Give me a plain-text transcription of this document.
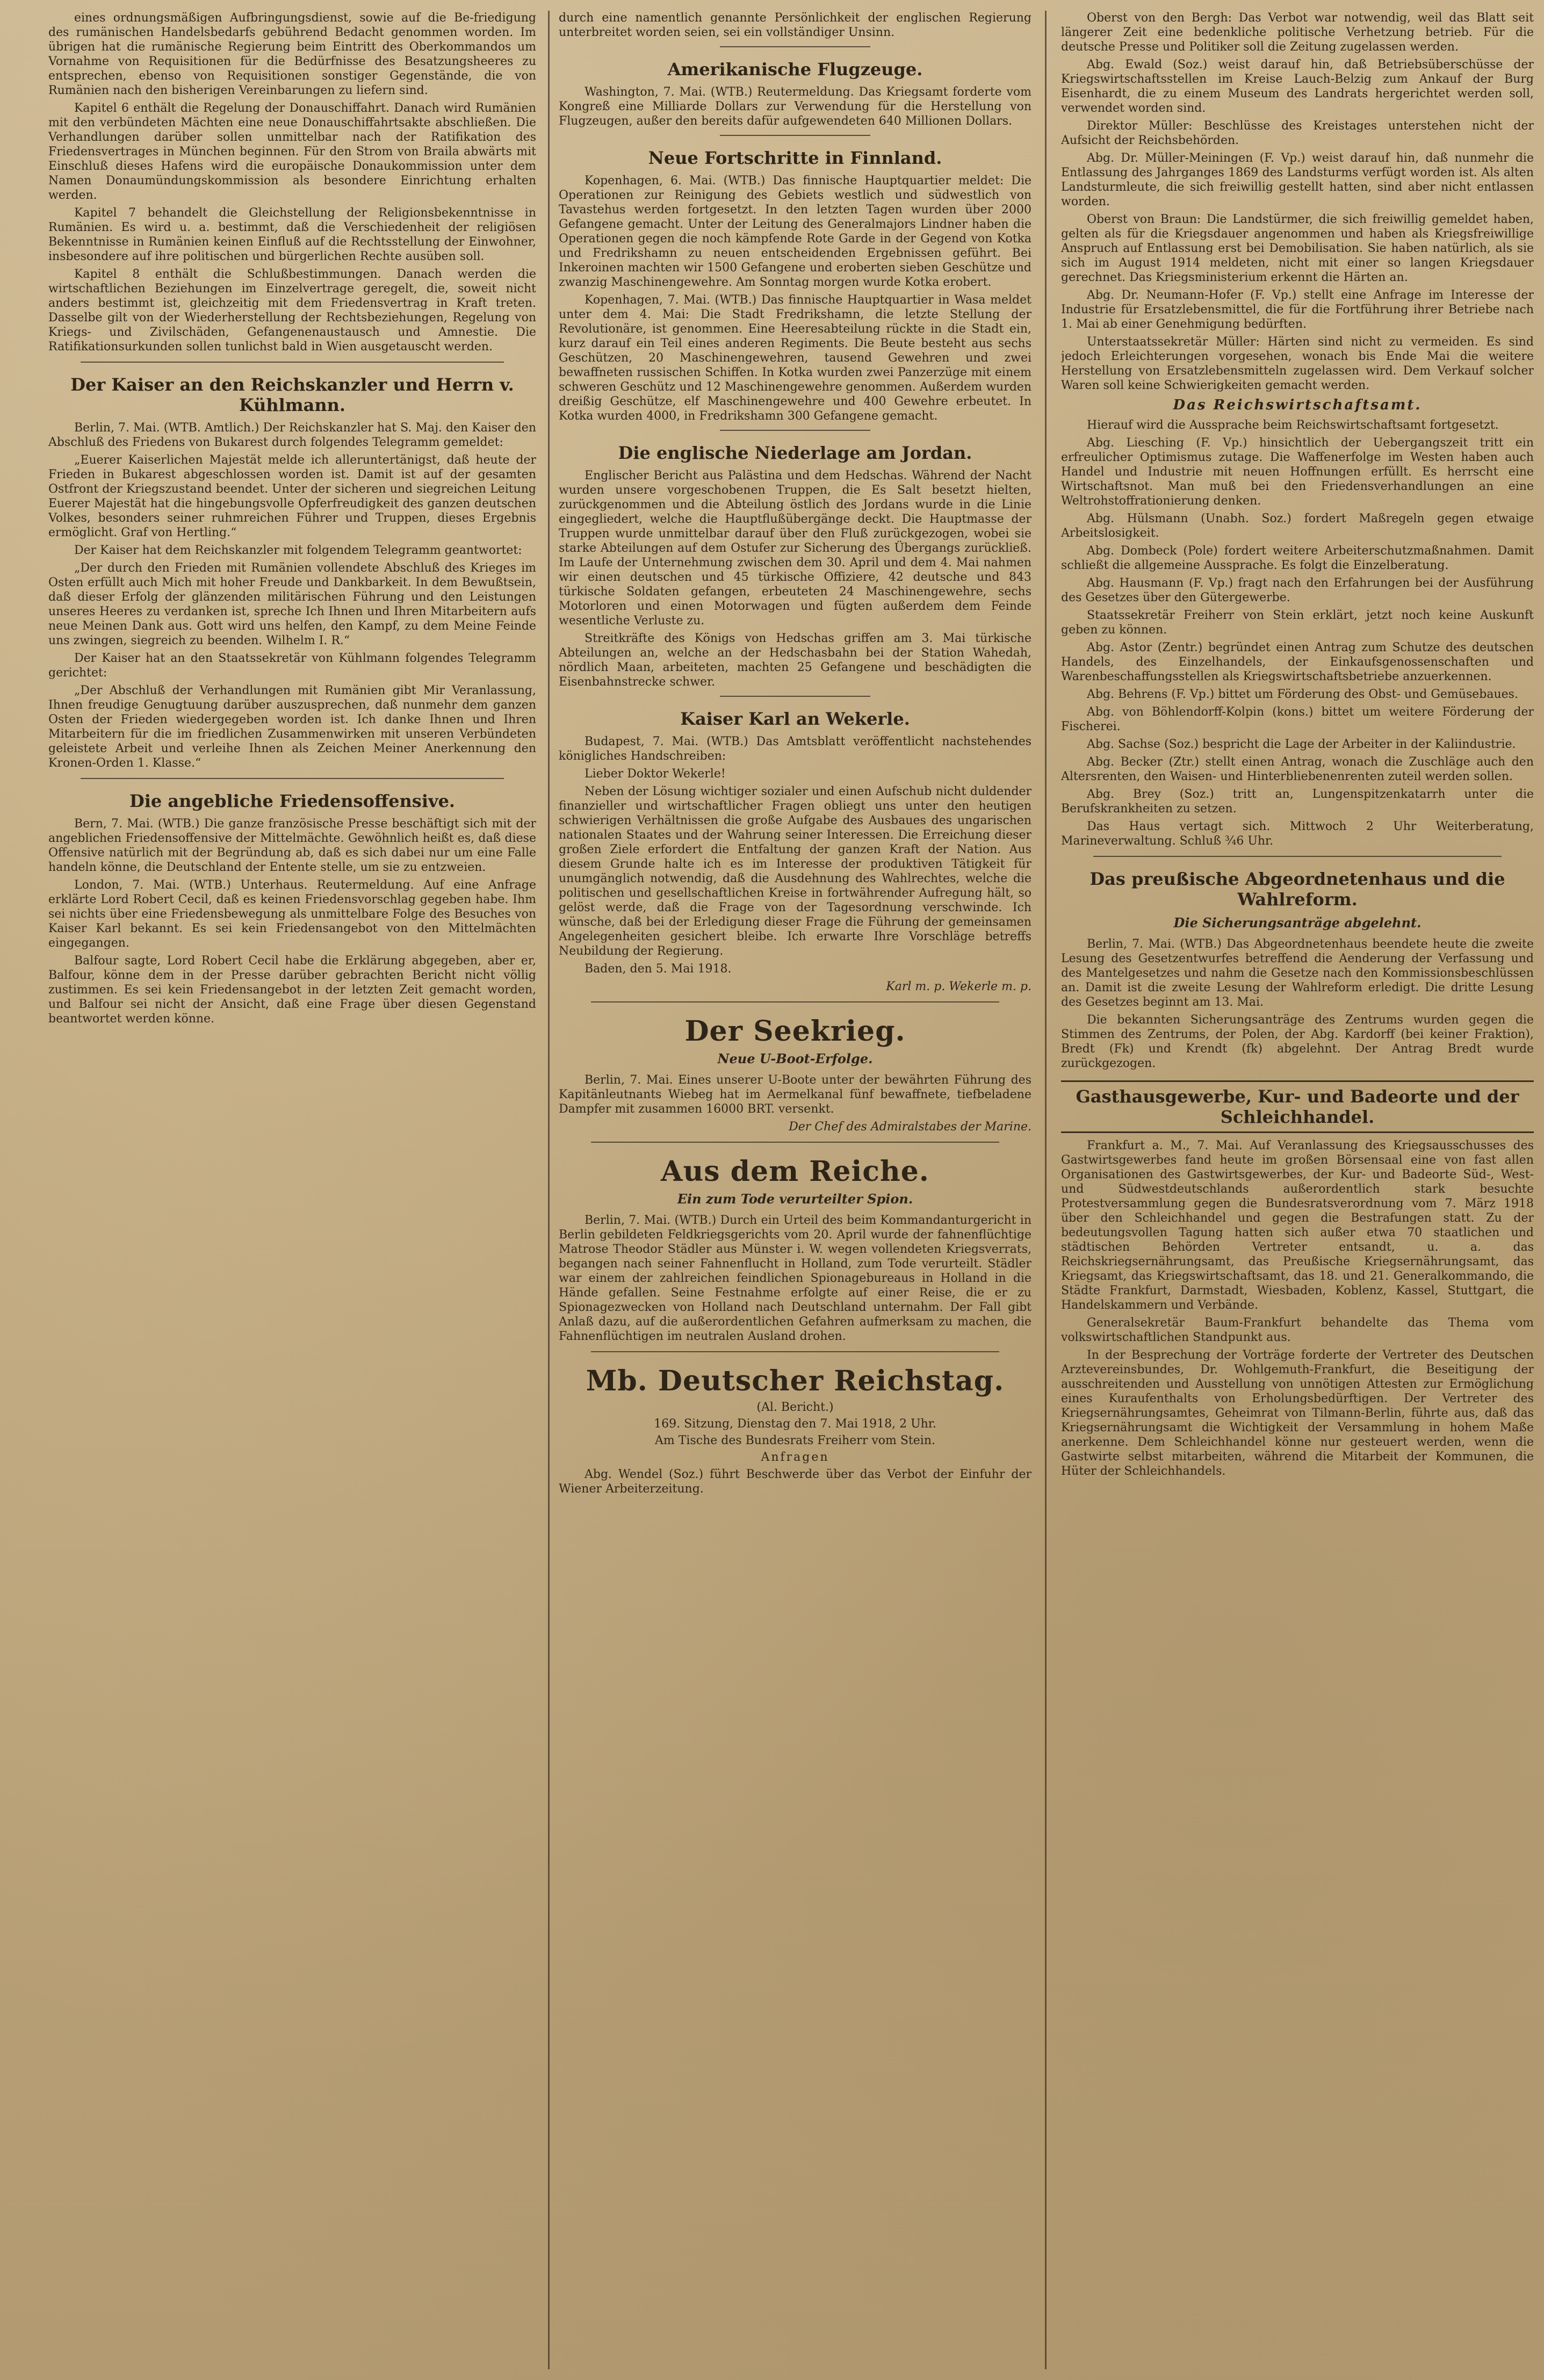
eines ordnungsmäßigen Aufbringungsdienst, sowie auf die Be-friedigung des rumänischen Handelsbedarfs gebührend Bedacht genommen worden. Im übrigen hat die rumänische Regierung beim Eintritt des Oberkommandos um Vornahme von Requisitionen für die Bedürfnisse des Besatzungsheeres zu entsprechen, ebenso von Requisitionen sonstiger Gegenstände, die von Rumänien nach den bisherigen Vereinbarungen zu liefern sind.

Kapitel 6 enthält die Regelung der Donauschiffahrt. Danach wird Rumänien mit den verbündeten Mächten eine neue Donauschiffahrtsakte abschließen. Die Verhandlungen darüber sollen unmittelbar nach der Ratifikation des Friedensvertrages in München beginnen. Für den Strom von Braila abwärts mit Einschluß dieses Hafens wird die europäische Donaukommission unter dem Namen Donaumündungskommission als besondere Einrichtung erhalten werden.

Kapitel 7 behandelt die Gleichstellung der Religionsbekenntnisse in Rumänien. Es wird u. a. bestimmt, daß die Verschiedenheit der religiösen Bekenntnisse in Rumänien keinen Einfluß auf die Rechtsstellung der Einwohner, insbesondere auf ihre politischen und bürgerlichen Rechte ausüben soll.

Kapitel 8 enthält die Schlußbestimmungen. Danach werden die wirtschaftlichen Beziehungen im Einzelvertrage geregelt, die, soweit nicht anders bestimmt ist, gleichzeitig mit dem Friedensvertrag in Kraft treten. Dasselbe gilt von der Wiederherstellung der Rechtsbeziehungen, Regelung von Kriegs- und Zivilschäden, Gefangenenaustausch und Amnestie. Die Ratifikationsurkunden sollen tunlichst bald in Wien ausgetauscht werden.

Der Kaiser an den Reichskanzler und Herrn v. Kühlmann.

Berlin, 7. Mai. (WTB. Amtlich.) Der Reichskanzler hat S. Maj. den Kaiser den Abschluß des Friedens von Bukarest durch folgendes Telegramm gemeldet:

„Euerer Kaiserlichen Majestät melde ich alleruntertänigst, daß heute der Frieden in Bukarest abgeschlossen worden ist. Damit ist auf der gesamten Ostfront der Kriegszustand beendet. Unter der sicheren und siegreichen Leitung Euerer Majestät hat die hingebungsvolle Opferfreudigkeit des ganzen deutschen Volkes, besonders seiner ruhmreichen Führer und Truppen, dieses Ergebnis ermöglicht. Graf von Hertling.“

Der Kaiser hat dem Reichskanzler mit folgendem Telegramm geantwortet:

„Der durch den Frieden mit Rumänien vollendete Abschluß des Krieges im Osten erfüllt auch Mich mit hoher Freude und Dankbarkeit. In dem Bewußtsein, daß dieser Erfolg der glänzenden militärischen Führung und den Leistungen unseres Heeres zu verdanken ist, spreche Ich Ihnen und Ihren Mitarbeitern aufs neue Meinen Dank aus. Gott wird uns helfen, den Kampf, zu dem Meine Feinde uns zwingen, siegreich zu beenden. Wilhelm I. R.“

Der Kaiser hat an den Staatssekretär von Kühlmann folgendes Telegramm gerichtet:

„Der Abschluß der Verhandlungen mit Rumänien gibt Mir Veranlassung, Ihnen freudige Genugtuung darüber auszusprechen, daß nunmehr dem ganzen Osten der Frieden wiedergegeben worden ist. Ich danke Ihnen und Ihren Mitarbeitern für die im friedlichen Zusammenwirken mit unseren Verbündeten geleistete Arbeit und verleihe Ihnen als Zeichen Meiner Anerkennung den Kronen-Orden 1. Klasse.“

Die angebliche Friedensoffensive.

Bern, 7. Mai. (WTB.) Die ganze französische Presse beschäftigt sich mit der angeblichen Friedensoffensive der Mittelmächte. Gewöhnlich heißt es, daß diese Offensive natürlich mit der Begründung ab, daß es sich dabei nur um eine Falle handeln könne, die Deutschland der Entente stelle, um sie zu entzweien.

London, 7. Mai. (WTB.) Unterhaus. Reutermeldung. Auf eine Anfrage erklärte Lord Robert Cecil, daß es keinen Friedensvorschlag gegeben habe. Ihm sei nichts über eine Friedensbewegung als unmittelbare Folge des Besuches von Kaiser Karl bekannt. Es sei kein Friedensangebot von den Mittelmächten eingegangen.

Balfour sagte, Lord Robert Cecil habe die Erklärung abgegeben, aber er, Balfour, könne dem in der Presse darüber gebrachten Bericht nicht völlig zustimmen. Es sei kein Friedensangebot in der letzten Zeit gemacht worden, und Balfour sei nicht der Ansicht, daß eine Frage über diesen Gegenstand beantwortet werden könne.

durch eine namentlich genannte Persönlichkeit der englischen Regierung unterbreitet worden seien, sei ein vollständiger Unsinn.

Amerikanische Flugzeuge.

Washington, 7. Mai. (WTB.) Reutermeldung. Das Kriegsamt forderte vom Kongreß eine Milliarde Dollars zur Verwendung für die Herstellung von Flugzeugen, außer den bereits dafür aufgewendeten 640 Millionen Dollars.

Neue Fortschritte in Finnland.

Kopenhagen, 6. Mai. (WTB.) Das finnische Hauptquartier meldet: Die Operationen zur Reinigung des Gebiets westlich und südwestlich von Tavastehus werden fortgesetzt. In den letzten Tagen wurden über 2000 Gefangene gemacht. Unter der Leitung des Generalmajors Lindner haben die Operationen gegen die noch kämpfende Rote Garde in der Gegend von Kotka und Fredrikshamn zu neuen entscheidenden Ergebnissen geführt. Bei Inkeroinen machten wir 1500 Gefangene und eroberten sieben Geschütze und zwanzig Maschinengewehre. Am Sonntag morgen wurde Kotka erobert.

Kopenhagen, 7. Mai. (WTB.) Das finnische Hauptquartier in Wasa meldet unter dem 4. Mai: Die Stadt Fredrikshamn, die letzte Stellung der Revolutionäre, ist genommen. Eine Heeresabteilung rückte in die Stadt ein, kurz darauf ein Teil eines anderen Regiments. Die Beute besteht aus sechs Geschützen, 20 Maschinengewehren, tausend Gewehren und zwei bewaffneten russischen Schiffen. In Kotka wurden zwei Panzerzüge mit einem schweren Geschütz und 12 Maschinengewehre genommen. Außerdem wurden dreißig Geschütze, elf Maschinengewehre und 400 Gewehre erbeutet. In Kotka wurden 4000, in Fredrikshamn 300 Gefangene gemacht.

Die englische Niederlage am Jordan.

Englischer Bericht aus Palästina und dem Hedschas. Während der Nacht wurden unsere vorgeschobenen Truppen, die Es Salt besetzt hielten, zurückgenommen und die Abteilung östlich des Jordans wurde in die Linie eingegliedert, welche die Hauptflußübergänge deckt. Die Hauptmasse der Truppen wurde unmittelbar darauf über den Fluß zurückgezogen, wobei sie starke Abteilungen auf dem Ostufer zur Sicherung des Übergangs zurückließ. Im Laufe der Unternehmung zwischen dem 30. April und dem 4. Mai nahmen wir einen deutschen und 45 türkische Offiziere, 42 deutsche und 843 türkische Soldaten gefangen, erbeuteten 24 Maschinengewehre, sechs Motorloren und einen Motorwagen und fügten außerdem dem Feinde wesentliche Verluste zu.

Streitkräfte des Königs von Hedschas griffen am 3. Mai türkische Abteilungen an, welche an der Hedschasbahn bei der Station Wahedah, nördlich Maan, arbeiteten, machten 25 Gefangene und beschädigten die Eisenbahnstrecke schwer.

Kaiser Karl an Wekerle.

Budapest, 7. Mai. (WTB.) Das Amtsblatt veröffentlicht nachstehendes königliches Handschreiben:

Lieber Doktor Wekerle!

Neben der Lösung wichtiger sozialer und einen Aufschub nicht duldender finanzieller und wirtschaftlicher Fragen obliegt uns unter den heutigen schwierigen Verhältnissen die große Aufgabe des Ausbaues des ungarischen nationalen Staates und der Wahrung seiner Interessen. Die Erreichung dieser großen Ziele erfordert die Entfaltung der ganzen Kraft der Nation. Aus diesem Grunde halte ich es im Interesse der produktiven Tätigkeit für unumgänglich notwendig, daß die Ausdehnung des Wahlrechtes, welche die politischen und gesellschaftlichen Kreise in fortwährender Aufregung hält, so gelöst werde, daß die Frage von der Tagesordnung verschwinde. Ich wünsche, daß bei der Erledigung dieser Frage die Führung der gemeinsamen Angelegenheiten gesichert bleibe. Ich erwarte Ihre Vorschläge betreffs Neubildung der Regierung.

Baden, den 5. Mai 1918.

Karl m. p. Wekerle m. p.

Der Seekrieg.
Neue U-Boot-Erfolge.

Berlin, 7. Mai. Eines unserer U-Boote unter der bewährten Führung des Kapitänleutnants Wiebeg hat im Aermelkanal fünf bewaffnete, tiefbeladene Dampfer mit zusammen 16000 BRT. versenkt.

Der Chef des Admiralstabes der Marine.

Aus dem Reiche.
Ein zum Tode verurteilter Spion.

Berlin, 7. Mai. (WTB.) Durch ein Urteil des beim Kommandanturgericht in Berlin gebildeten Feldkriegsgerichts vom 20. April wurde der fahnenflüchtige Matrose Theodor Städler aus Münster i. W. wegen vollendeten Kriegsverrats, begangen nach seiner Fahnenflucht in Holland, zum Tode verurteilt. Städler war einem der zahlreichen feindlichen Spionagebureaus in Holland in die Hände gefallen. Seine Festnahme erfolgte auf einer Reise, die er zu Spionagezwecken von Holland nach Deutschland unternahm. Der Fall gibt Anlaß dazu, auf die außerordentlichen Gefahren aufmerksam zu machen, die Fahnenflüchtigen im neutralen Ausland drohen.

Mb. Deutscher Reichstag.
(Al. Bericht.)
169. Sitzung, Dienstag den 7. Mai 1918, 2 Uhr.
Am Tische des Bundesrats Freiherr vom Stein.
Anfragen

Abg. Wendel (Soz.) führt Beschwerde über das Verbot der Einfuhr der Wiener Arbeiterzeitung.

Oberst von den Bergh: Das Verbot war notwendig, weil das Blatt seit längerer Zeit eine bedenkliche politische Verhetzung betrieb. Für die deutsche Presse und Politiker soll die Zeitung zugelassen werden.

Abg. Ewald (Soz.) weist darauf hin, daß Betriebsüberschüsse der Kriegswirtschaftsstellen im Kreise Lauch-Belzig zum Ankauf der Burg Eisenhardt, die zu einem Museum des Landrats hergerichtet werden soll, verwendet worden sind.

Direktor Müller: Beschlüsse des Kreistages unterstehen nicht der Aufsicht der Reichsbehörden.

Abg. Dr. Müller-Meiningen (F. Vp.) weist darauf hin, daß nunmehr die Entlassung des Jahrganges 1869 des Landsturms verfügt worden ist. Als alten Landsturmleute, die sich freiwillig gestellt hatten, sind aber nicht entlassen worden.

Oberst von Braun: Die Landstürmer, die sich freiwillig gemeldet haben, gelten als für die Kriegsdauer angenommen und haben als Kriegsfreiwillige Anspruch auf Entlassung erst bei Demobilisation. Sie haben natürlich, als sie sich im August 1914 meldeten, nicht mit einer so langen Kriegsdauer gerechnet. Das Kriegsministerium erkennt die Härten an.

Abg. Dr. Neumann-Hofer (F. Vp.) stellt eine Anfrage im Interesse der Industrie für Ersatzlebensmittel, die für die Fortführung ihrer Betriebe nach 1. Mai ab einer Genehmigung bedürften.

Unterstaatssekretär Müller: Härten sind nicht zu vermeiden. Es sind jedoch Erleichterungen vorgesehen, wonach bis Ende Mai die weitere Herstellung von Ersatzlebensmitteln zugelassen wird. Dem Verkauf solcher Waren soll keine Schwierigkeiten gemacht werden.

Das Reichswirtschaftsamt.

Hierauf wird die Aussprache beim Reichswirtschaftsamt fortgesetzt.

Abg. Liesching (F. Vp.) hinsichtlich der Uebergangszeit tritt ein erfreulicher Optimismus zutage. Die Waffenerfolge im Westen haben auch Handel und Industrie mit neuen Hoffnungen erfüllt. Es herrscht eine Wirtschaftsnot. Man muß bei den Friedensverhandlungen an eine Weltrohstoffrationierung denken.

Abg. Hülsmann (Unabh. Soz.) fordert Maßregeln gegen etwaige Arbeitslosigkeit.

Abg. Dombeck (Pole) fordert weitere Arbeiterschutzmaßnahmen. Damit schließt die allgemeine Aussprache. Es folgt die Einzelberatung.

Abg. Hausmann (F. Vp.) fragt nach den Erfahrungen bei der Ausführung des Gesetzes über den Gütergewerbe.

Staatssekretär Freiherr von Stein erklärt, jetzt noch keine Auskunft geben zu können.

Abg. Astor (Zentr.) begründet einen Antrag zum Schutze des deutschen Handels, des Einzelhandels, der Einkaufsgenossenschaften und Warenbeschaffungsstellen als Kriegswirtschaftsbetriebe anzuerkennen.

Abg. Behrens (F. Vp.) bittet um Förderung des Obst- und Gemüsebaues.

Abg. von Böhlendorff-Kolpin (kons.) bittet um weitere Förderung der Fischerei.

Abg. Sachse (Soz.) bespricht die Lage der Arbeiter in der Kaliindustrie.

Abg. Becker (Ztr.) stellt einen Antrag, wonach die Zuschläge auch den Altersrenten, den Waisen- und Hinterbliebenenrenten zuteil werden sollen.

Abg. Brey (Soz.) tritt an, Lungenspitzenkatarrh unter die Berufskrankheiten zu setzen.

Das Haus vertagt sich. Mittwoch 2 Uhr Weiterberatung, Marineverwaltung. Schluß ¾6 Uhr.

Das preußische Abgeordnetenhaus und die Wahlreform.
Die Sicherungsanträge abgelehnt.

Berlin, 7. Mai. (WTB.) Das Abgeordnetenhaus beendete heute die zweite Lesung des Gesetzentwurfes betreffend die Aenderung der Verfassung und des Mantelgesetzes und nahm die Gesetze nach den Kommissionsbeschlüssen an. Damit ist die zweite Lesung der Wahlreform erledigt. Die dritte Lesung des Gesetzes beginnt am 13. Mai.

Die bekannten Sicherungsanträge des Zentrums wurden gegen die Stimmen des Zentrums, der Polen, der Abg. Kardorff (bei keiner Fraktion), Bredt (Fk) und Krendt (fk) abgelehnt. Der Antrag Bredt wurde zurückgezogen.

Gasthausgewerbe, Kur- und Badeorte und der Schleichhandel.

Frankfurt a. M., 7. Mai. Auf Veranlassung des Kriegsausschusses des Gastwirtsgewerbes fand heute im großen Börsensaal eine von fast allen Organisationen des Gastwirtsgewerbes, der Kur- und Badeorte Süd-, West- und Südwestdeutschlands außerordentlich stark besuchte Protestversammlung gegen die Bundesratsverordnung vom 7. März 1918 über den Schleichhandel und gegen die Bestrafungen statt. Zu der bedeutungsvollen Tagung hatten sich außer etwa 70 staatlichen und städtischen Behörden Vertreter entsandt, u. a. das Reichskriegsernährungsamt, das Preußische Kriegsernährungsamt, das Kriegsamt, das Kriegswirtschaftsamt, das 18. und 21. Generalkommando, die Städte Frankfurt, Darmstadt, Wiesbaden, Koblenz, Kassel, Stuttgart, die Handelskammern und Verbände.

Generalsekretär Baum-Frankfurt behandelte das Thema vom volkswirtschaftlichen Standpunkt aus.

In der Besprechung der Vorträge forderte der Vertreter des Deutschen Arztevereinsbundes, Dr. Wohlgemuth-Frankfurt, die Beseitigung der ausschreitenden und Ausstellung von unnötigen Attesten zur Ermöglichung eines Kuraufenthalts von Erholungsbedürftigen. Der Vertreter des Kriegsernährungsamtes, Geheimrat von Tilmann-Berlin, führte aus, daß das Kriegsernährungsamt die Wichtigkeit der Versammlung in hohem Maße anerkenne. Dem Schleichhandel könne nur gesteuert werden, wenn die Gastwirte selbst mitarbeiten, während die Mitarbeit der Kommunen, die Hüter der Schleichhandels.
